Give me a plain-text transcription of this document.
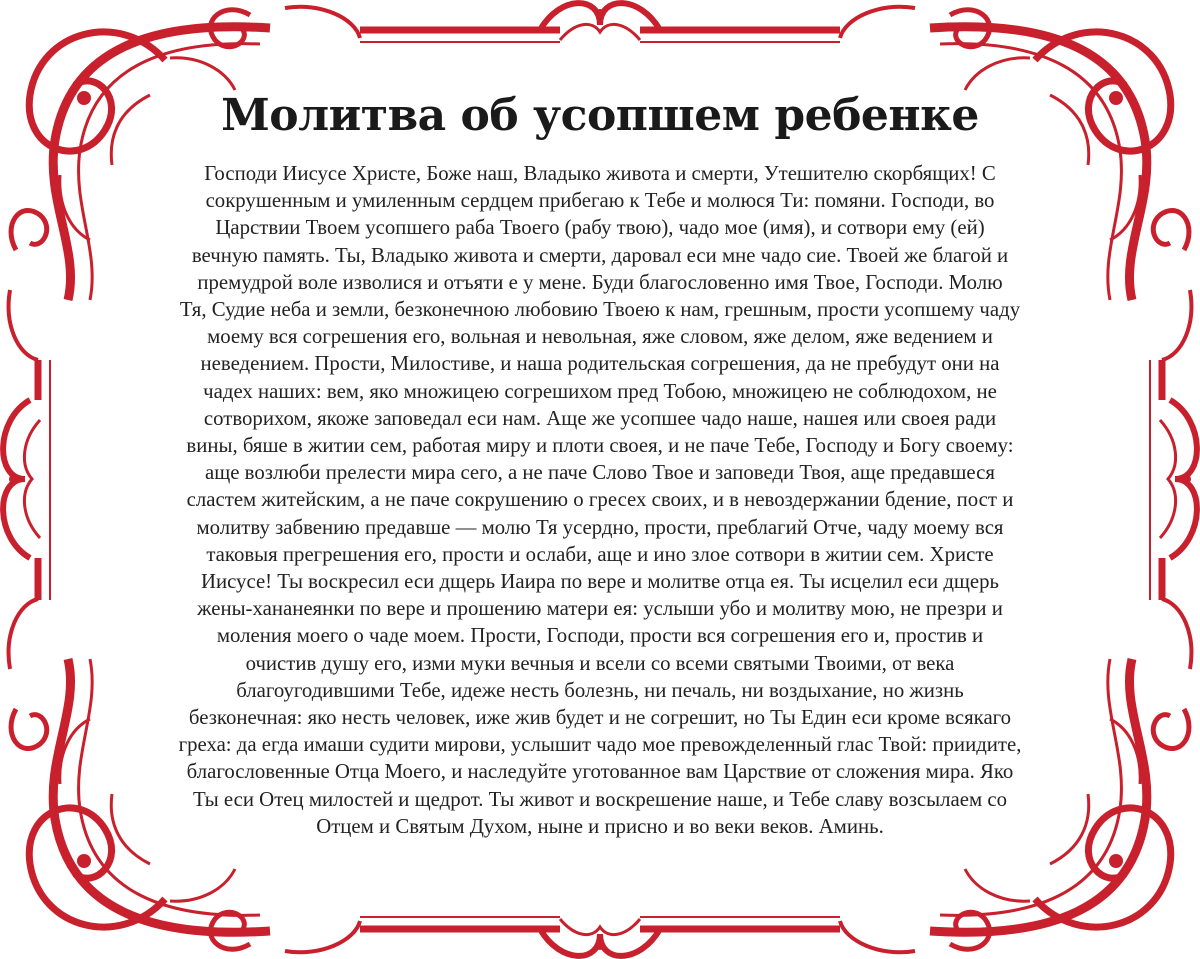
Молитва об усопшем ребенке
Господи Иисусе Христе, Боже наш, Владыко живота и смерти, Утешителю скорбящих! С
сокрушенным и умиленным сердцем прибегаю к Тебе и молюся Ти: помяни. Господи, во
Царствии Твоем усопшего раба Твоего (рабу твою), чадо мое (имя), и сотвори ему (ей)
вечную память. Ты, Владыко живота и смерти, даровал еси мне чадо сие. Твоей же благой и
премудрой воле изволися и отъяти е у мене. Буди благословенно имя Твое, Господи. Молю
Тя, Судие неба и земли, безконечною любовию Твоею к нам, грешным, прости усопшему чаду
моему вся согрешения его, вольная и невольная, яже словом, яже делом, яже ведением и
неведением. Прости, Милостиве, и наша родительская согрешения, да не пребудут они на
чадех наших: вем, яко множицею согрешихом пред Тобою, множицею не соблюдохом, не
сотворихом, якоже заповедал еси нам. Аще же усопшее чадо наше, нашея или своея ради
вины, бяше в житии сем, работая миру и плоти своея, и не паче Тебе, Господу и Богу своему:
аще возлюби прелести мира сего, а не паче Слово Твое и заповеди Твоя, аще предавшеся
сластем житейским, а не паче сокрушению о гресех своих, и в невоздержании бдение, пост и
молитву забвению предавше — молю Тя усердно, прости, преблагий Отче, чаду моему вся
таковыя прегрешения его, прости и ослаби, аще и ино злое сотвори в житии сем. Христе
Иисусе! Ты воскресил еси дщерь Иаира по вере и молитве отца ея. Ты исцелил еси дщерь
жены-хананеянки по вере и прошению матери ея: услыши убо и молитву мою, не презри и
моления моего о чаде моем. Прости, Господи, прости вся согрешения его и, простив и
очистив душу его, изми муки вечныя и всели со всеми святыми Твоими, от века
благоугодившими Тебе, идеже несть болезнь, ни печаль, ни воздыхание, но жизнь
безконечная: яко несть человек, иже жив будет и не согрешит, но Ты Един еси кроме всякаго
греха: да егда имаши судити мирови, услышит чадо мое превожделенный глас Твой: приидите,
благословенные Отца Моего, и наследуйте уготованное вам Царствие от сложения мира. Яко
Ты еси Отец милостей и щедрот. Ты живот и воскрешение наше, и Тебе славу возсылаем со
Отцем и Святым Духом, ныне и присно и во веки веков. Аминь.
